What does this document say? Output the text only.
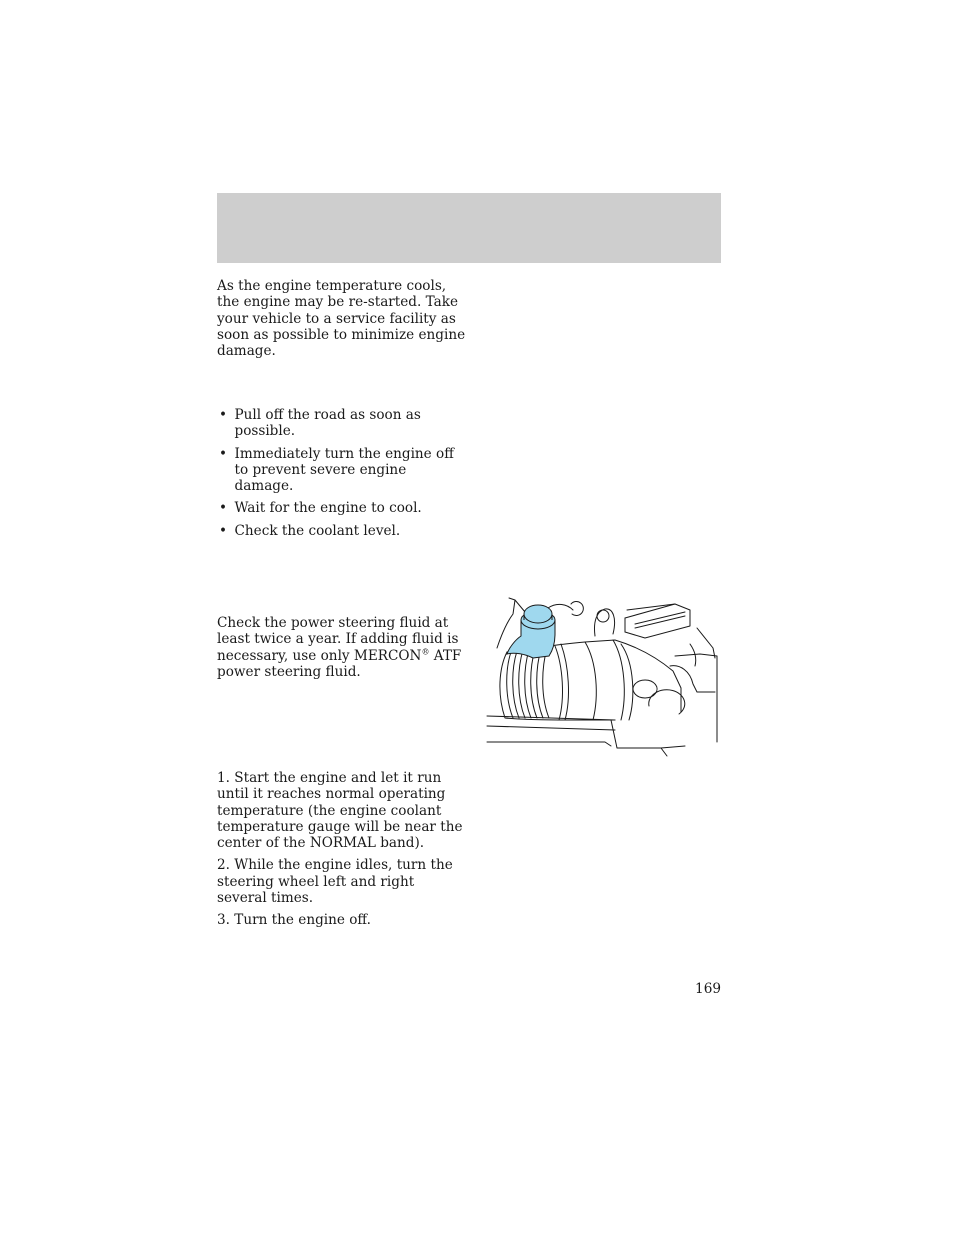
As the engine temperature cools, the engine may be re-started. Take your vehicle to a service facility as soon as possible to minimize engine damage.

• Pull off the road as soon as possible.
• Immediately turn the engine off to prevent severe engine damage.
• Wait for the engine to cool.
• Check the coolant level.

Check the power steering fluid at least twice a year. If adding fluid is necessary, use only MERCON® ATF power steering fluid.

1. Start the engine and let it run until it reaches normal operating temperature (the engine coolant temperature gauge will be near the center of the NORMAL band).

2. While the engine idles, turn the steering wheel left and right several times.

3. Turn the engine off.

169
